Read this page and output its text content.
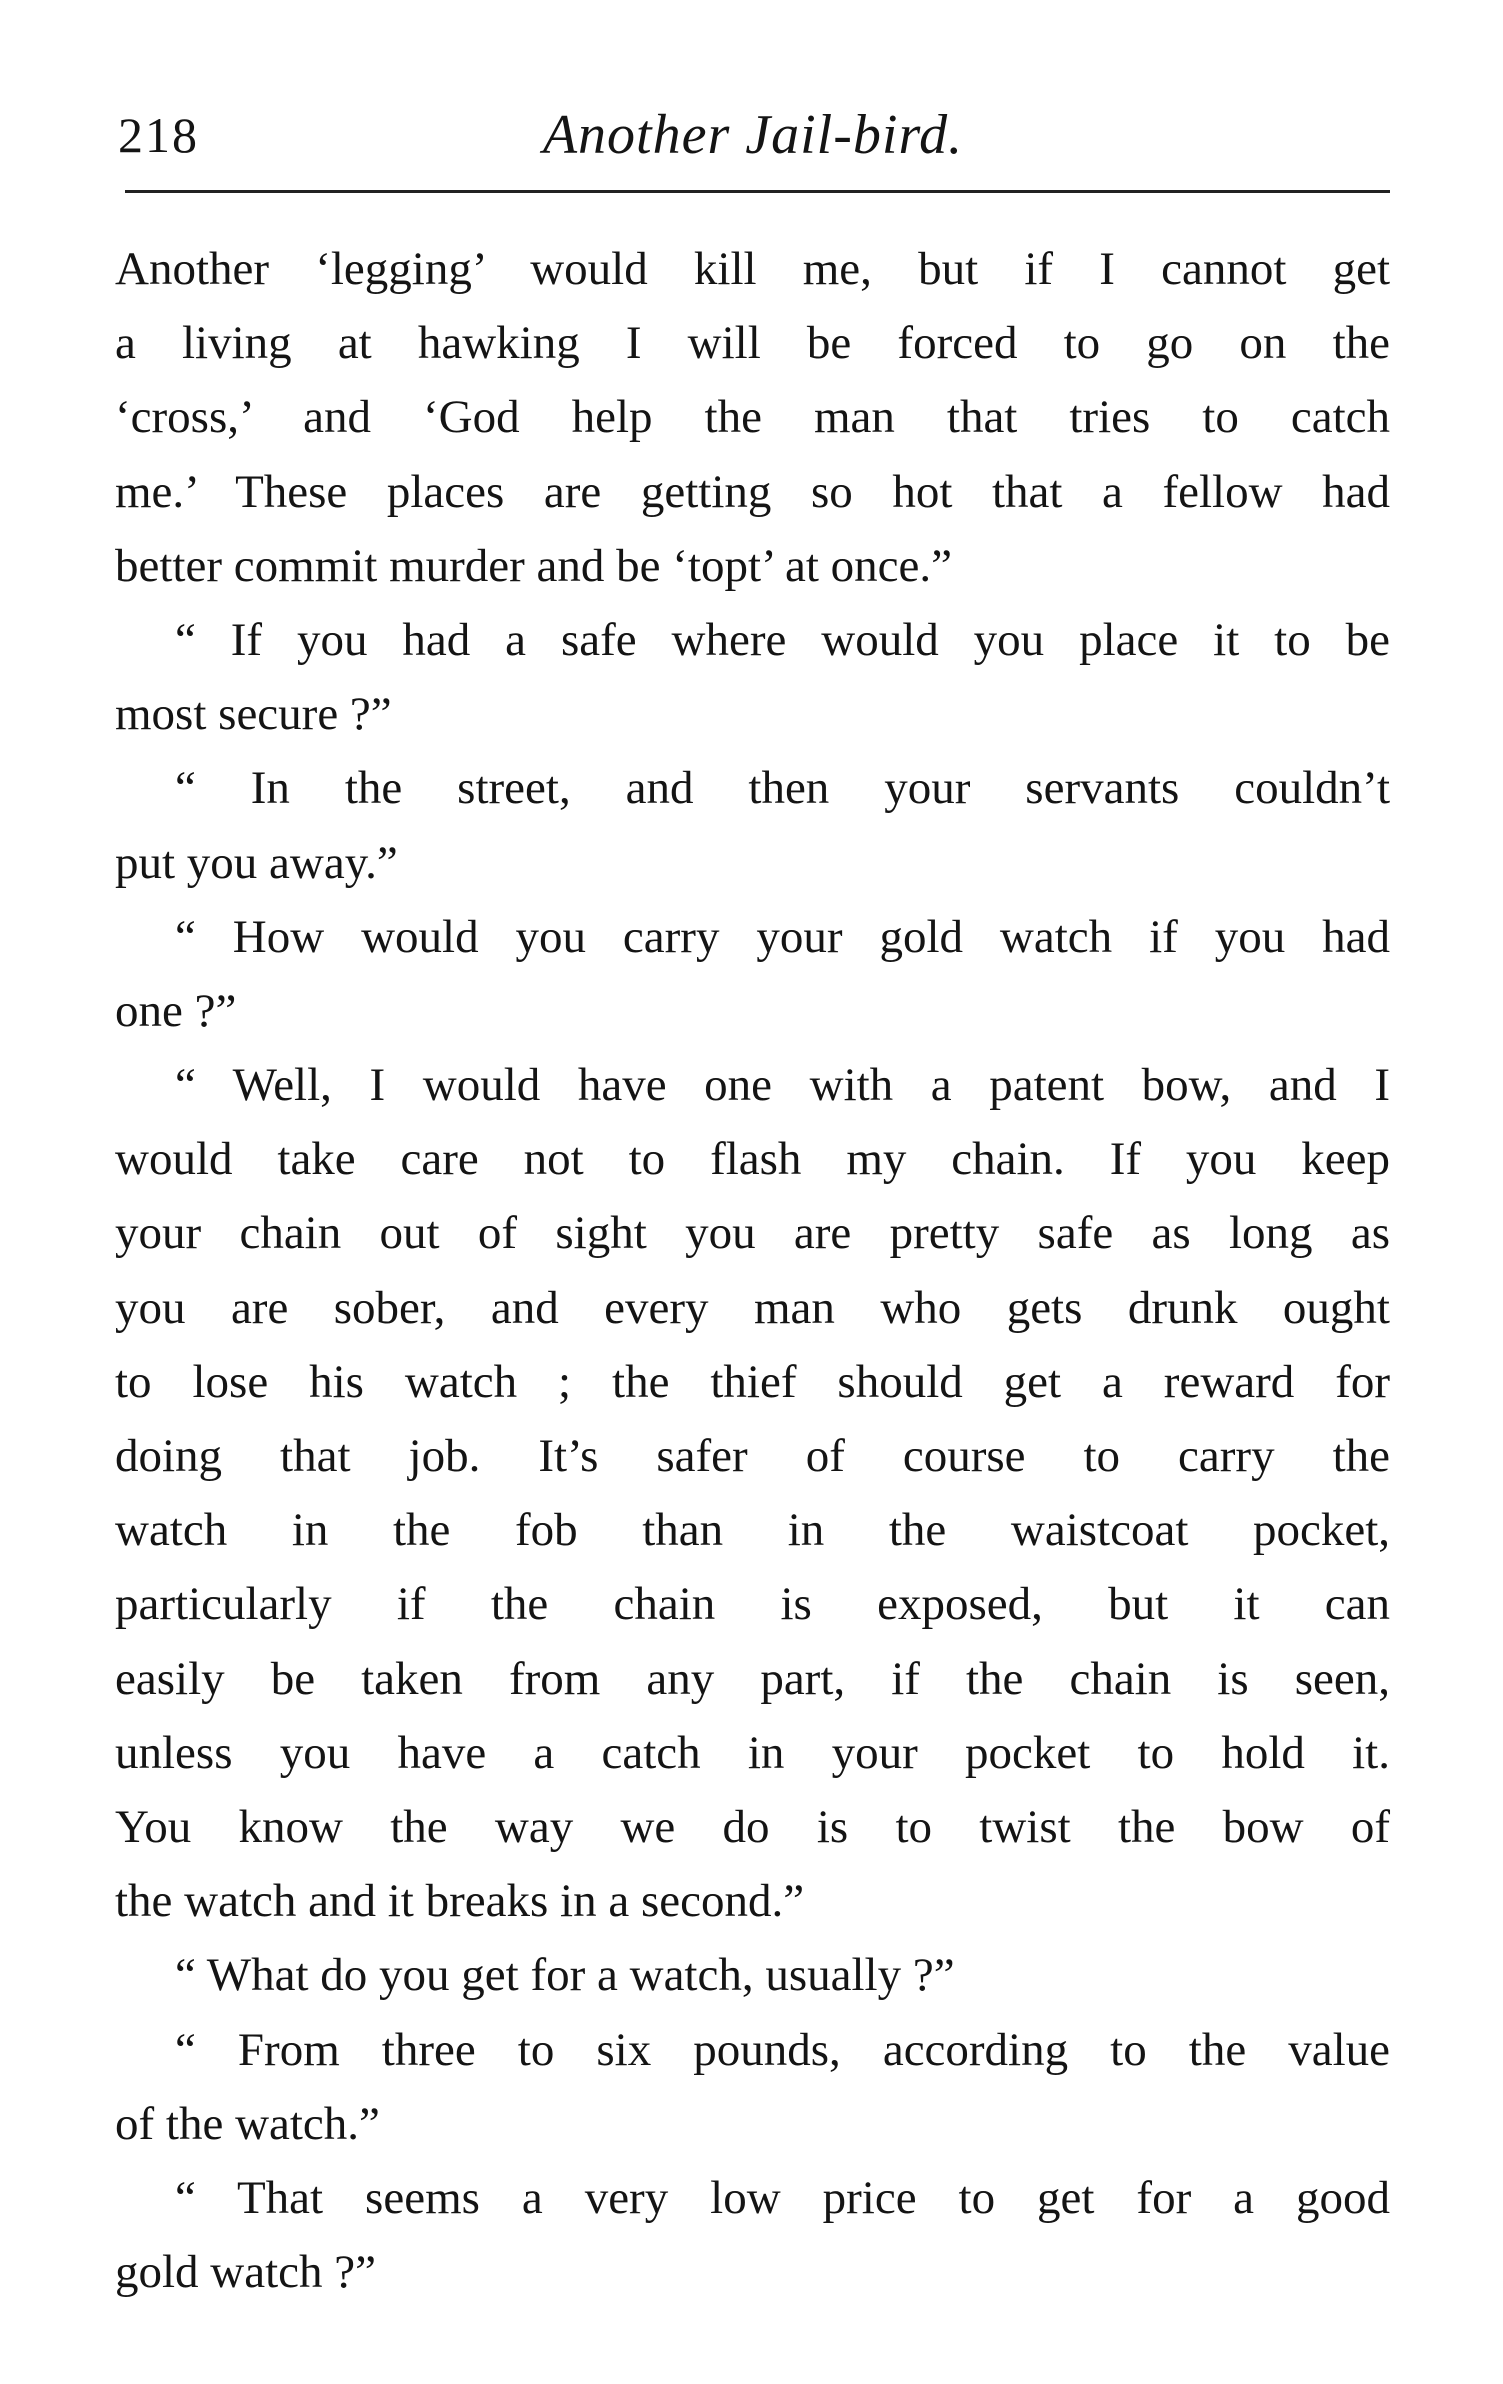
218	Another Jail-bird.
Another ‘legging’ would kill me, but if I cannot get
a living at hawking I will be forced to go on the
‘cross,’ and ‘God help the man that tries to catch
me.’ These places are getting so hot that a fellow had
better commit murder and be ‘topt’ at once.”
“ If you had a safe where would you place it to be
most secure ?”
“ In the street, and then your servants couldn’t
put you away.”
“ How would you carry your gold watch if you had
one ?”
“ Well, I would have one with a patent bow, and I
would take care not to flash my chain. If you keep
your chain out of sight you are pretty safe as long as
you are sober, and every man who gets drunk ought
to lose his watch ; the thief should get a reward for
doing that job. It’s safer of course to carry the
watch in the fob than in the waistcoat pocket,
particularly if the chain is exposed, but it can
easily be taken from any part, if the chain is seen,
unless you have a catch in your pocket to hold it.
You know the way we do is to twist the bow of
the watch and it breaks in a second.”
“ What do you get for a watch, usually ?”
“ From three to six pounds, according to the value
of the watch.”
“ That seems a very low price to get for a good
gold watch ?”
